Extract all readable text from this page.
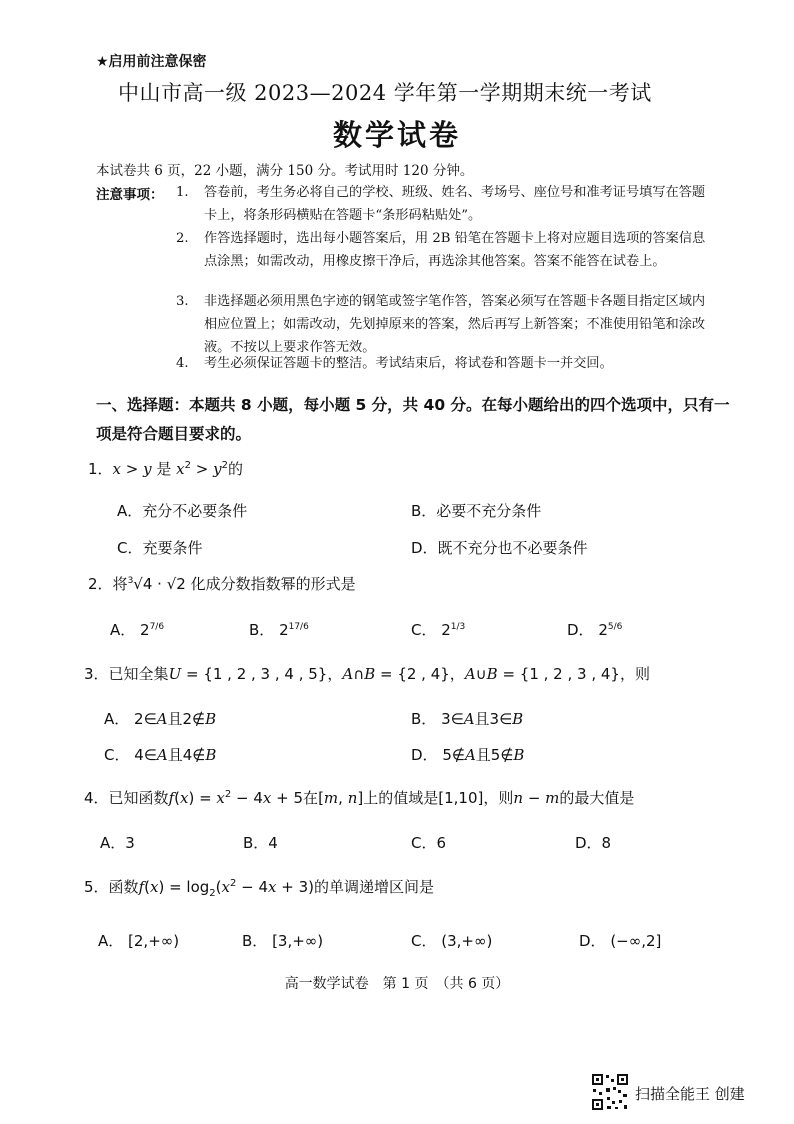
★启用前注意保密
中山市高一级 2023—2024 学年第一学期期末统一考试
数学试卷
本试卷共 6 页，22 小题，满分 150 分。考试用时 120 分钟。
注意事项： 1.	答卷前，考生务必将自己的学校、班级、姓名、考场号、座位号和准考证号填写在答题卡上，将条形码横贴在答题卡“条形码粘贴处”。
2.	作答选择题时，选出每小题答案后，用 2B 铅笔在答题卡上将对应题目选项的答案信息点涂黑；如需改动，用橡皮擦干净后，再选涂其他答案。答案不能答在试卷上。
3.	非选择题必须用黑色字迹的钢笔或签字笔作答，答案必须写在答题卡各题目指定区域内相应位置上；如需改动，先划掉原来的答案，然后再写上新答案；不准使用铅笔和涂改液。不按以上要求作答无效。
4.	考生必须保证答题卡的整洁。考试结束后，将试卷和答题卡一并交回。
一、选择题：本题共 8 小题，每小题 5 分，共 40 分。在每小题给出的四个选项中，只有一项是符合题目要求的。
1．x > y 是 $x^2 > y^2$的
A．充分不必要条件	B．必要不充分条件
C．充要条件	D．既不充分也不必要条件
2．将$^3$√4 · √2 化成分数指数幂的形式是
A． $2^{7/6}$	B． $2^{17/6}$	C． $2^{1/3}$	D． $2^{5/6}$
3．已知全集U = {1 , 2 , 3 , 4 , 5}，A∩B = {2 , 4}，A∪B = {1 , 2 , 3 , 4}，则
A． 2∈A且2∉B	B． 3∈A且3∈B
C． 4∈A且4∉B	D． 5∉A且5∉B
4．已知函数$f(x) = x^2 - 4x + 5$在[m, n]上的值域是[1,10]，则n − m的最大值是
A．3	B．4	C．6	D．8
5．函数$f(x) = \log_2(x^2 - 4x + 3)$的单调递增区间是
A． [2,+∞)	B． [3,+∞)	C． (3,+∞)	D． (−∞,2]
高一数学试卷　第 1 页　（共 6 页）
扫描全能王 创建
